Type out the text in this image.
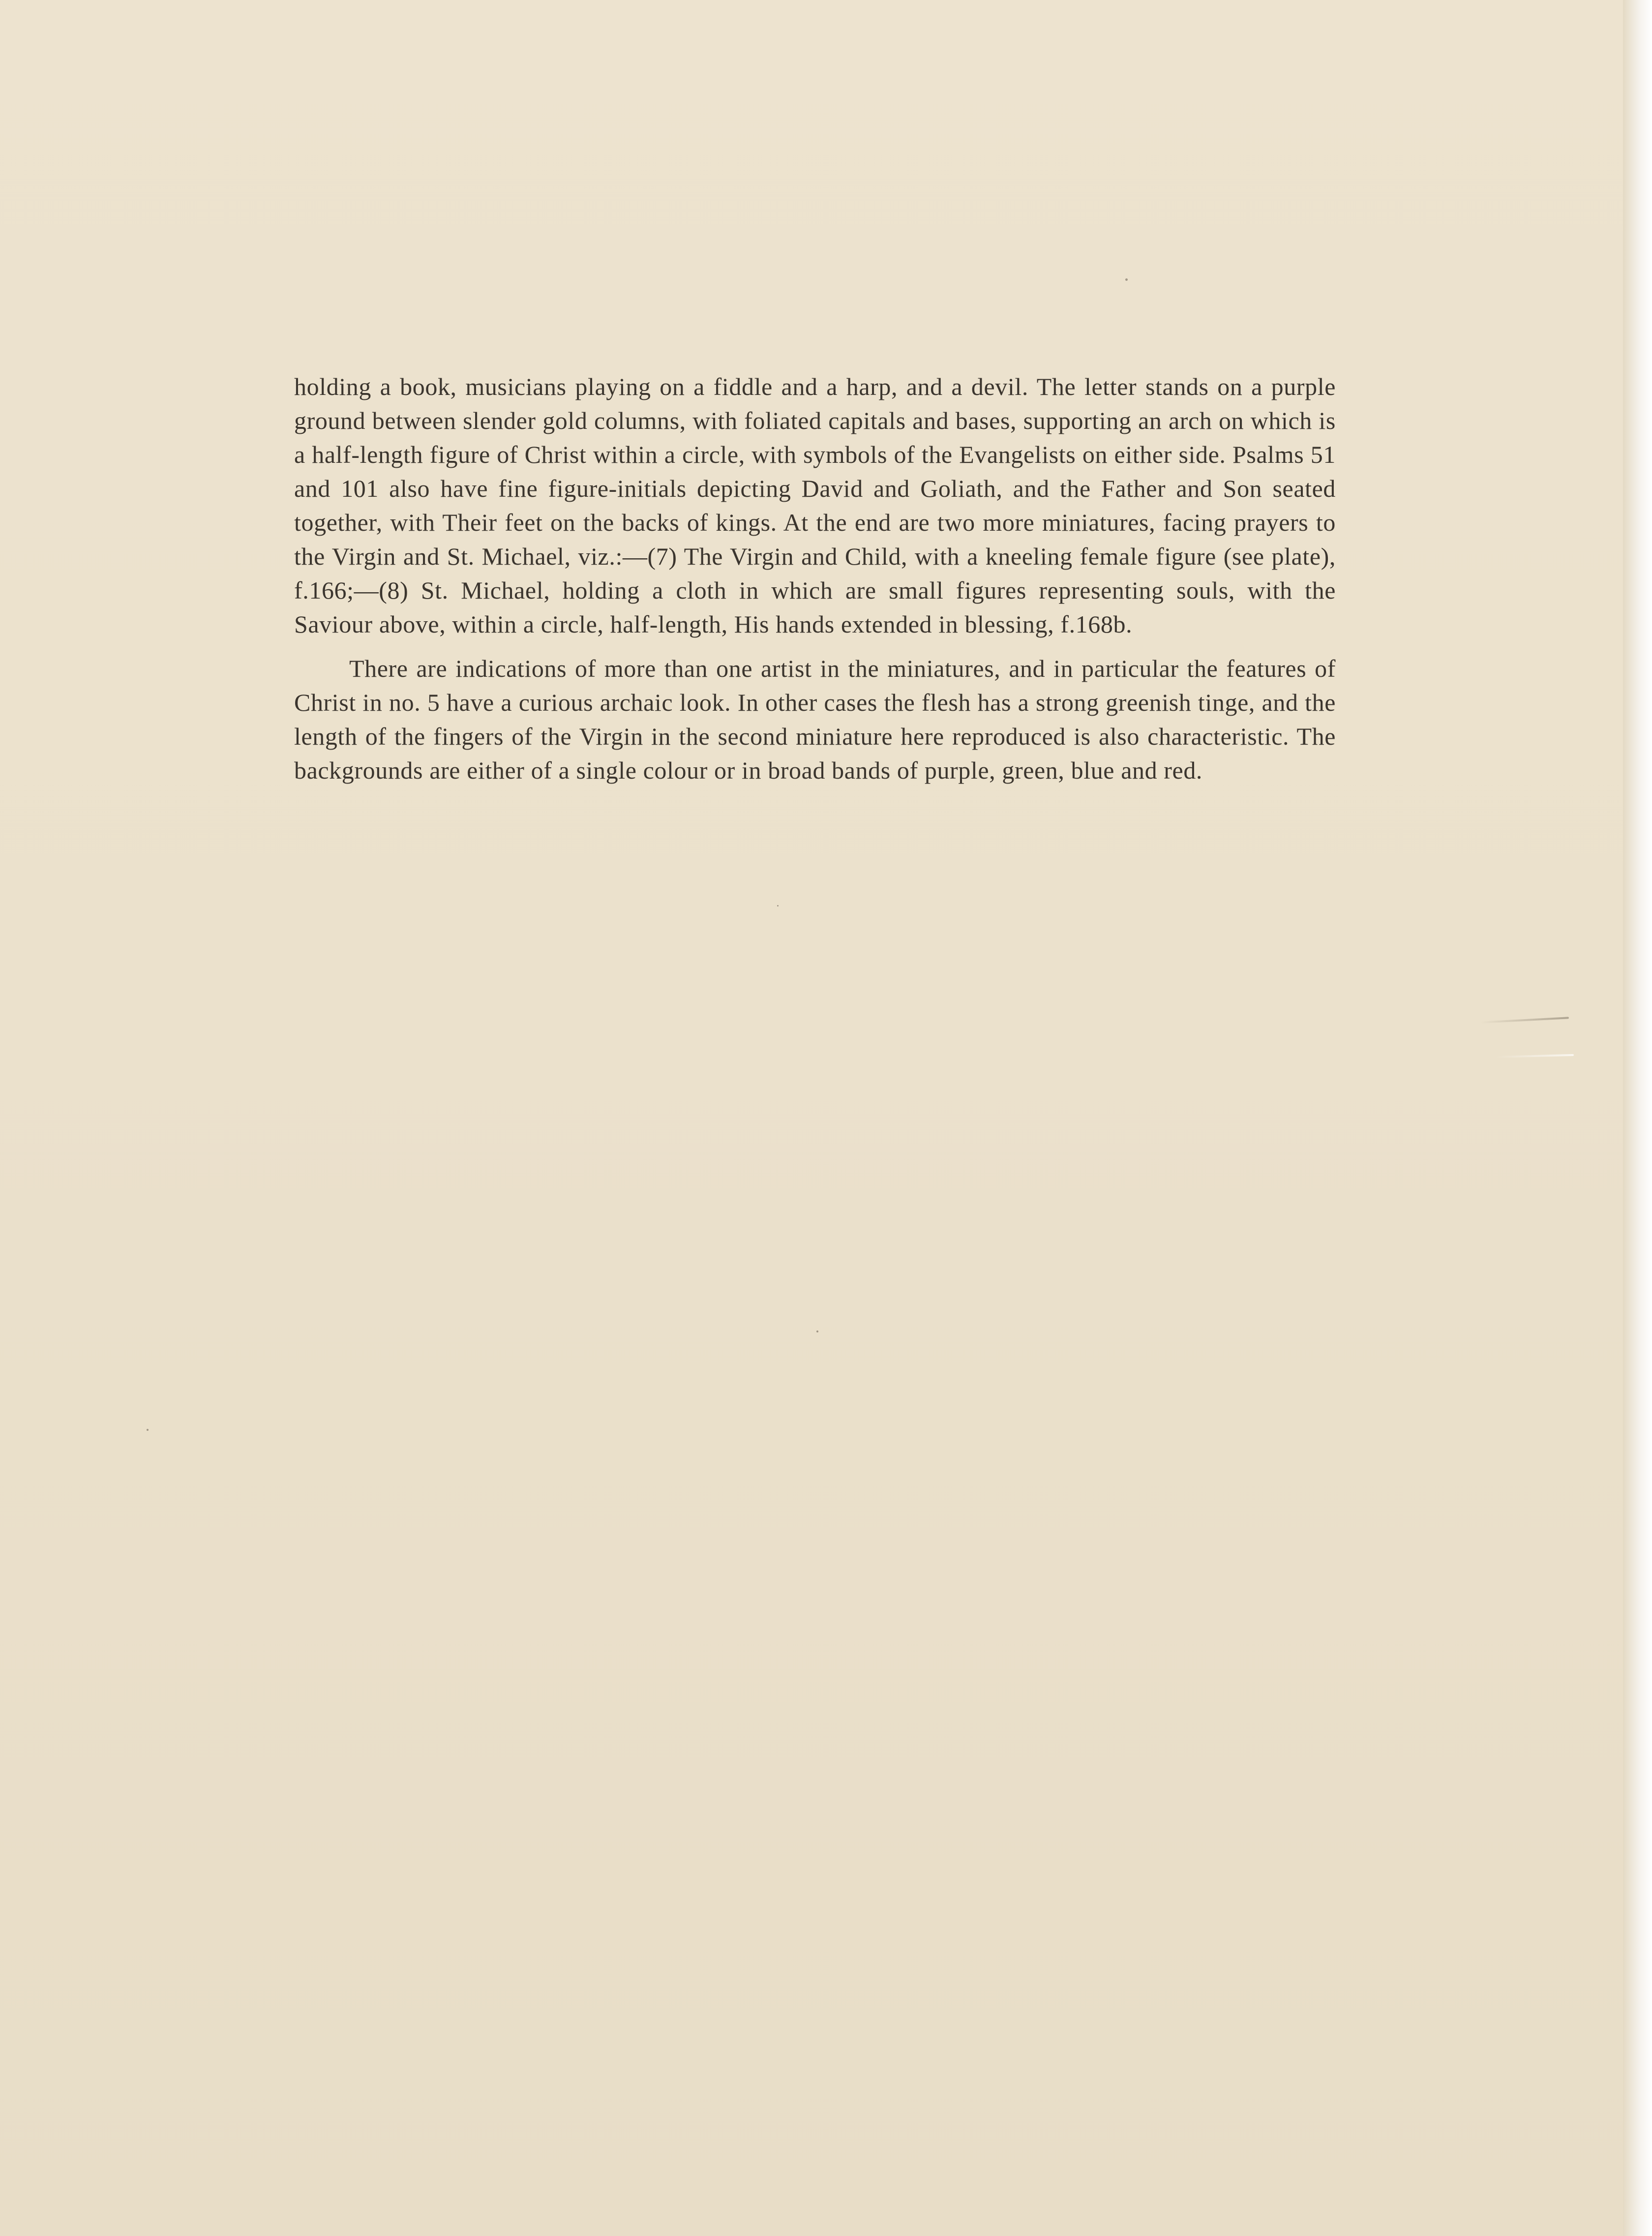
holding a book, musicians playing on a fiddle and a harp, and a devil. The letter stands on a purple ground between slender gold columns, with foliated capitals and bases, supporting an arch on which is a half-length figure of Christ within a circle, with symbols of the Evangelists on either side. Psalms 51 and 101 also have fine figure-initials depicting David and Goliath, and the Father and Son seated together, with Their feet on the backs of kings. At the end are two more miniatures, facing prayers to the Virgin and St. Michael, viz.:—(7) The Virgin and Child, with a kneeling female figure (see plate), f.166;—(8) St. Michael, holding a cloth in which are small figures representing souls, with the Saviour above, within a circle, half-length, His hands extended in blessing, f.168b.

There are indications of more than one artist in the miniatures, and in particular the features of Christ in no. 5 have a curious archaic look. In other cases the flesh has a strong greenish tinge, and the length of the fingers of the Virgin in the second miniature here reproduced is also characteristic. The backgrounds are either of a single colour or in broad bands of purple, green, blue and red.
